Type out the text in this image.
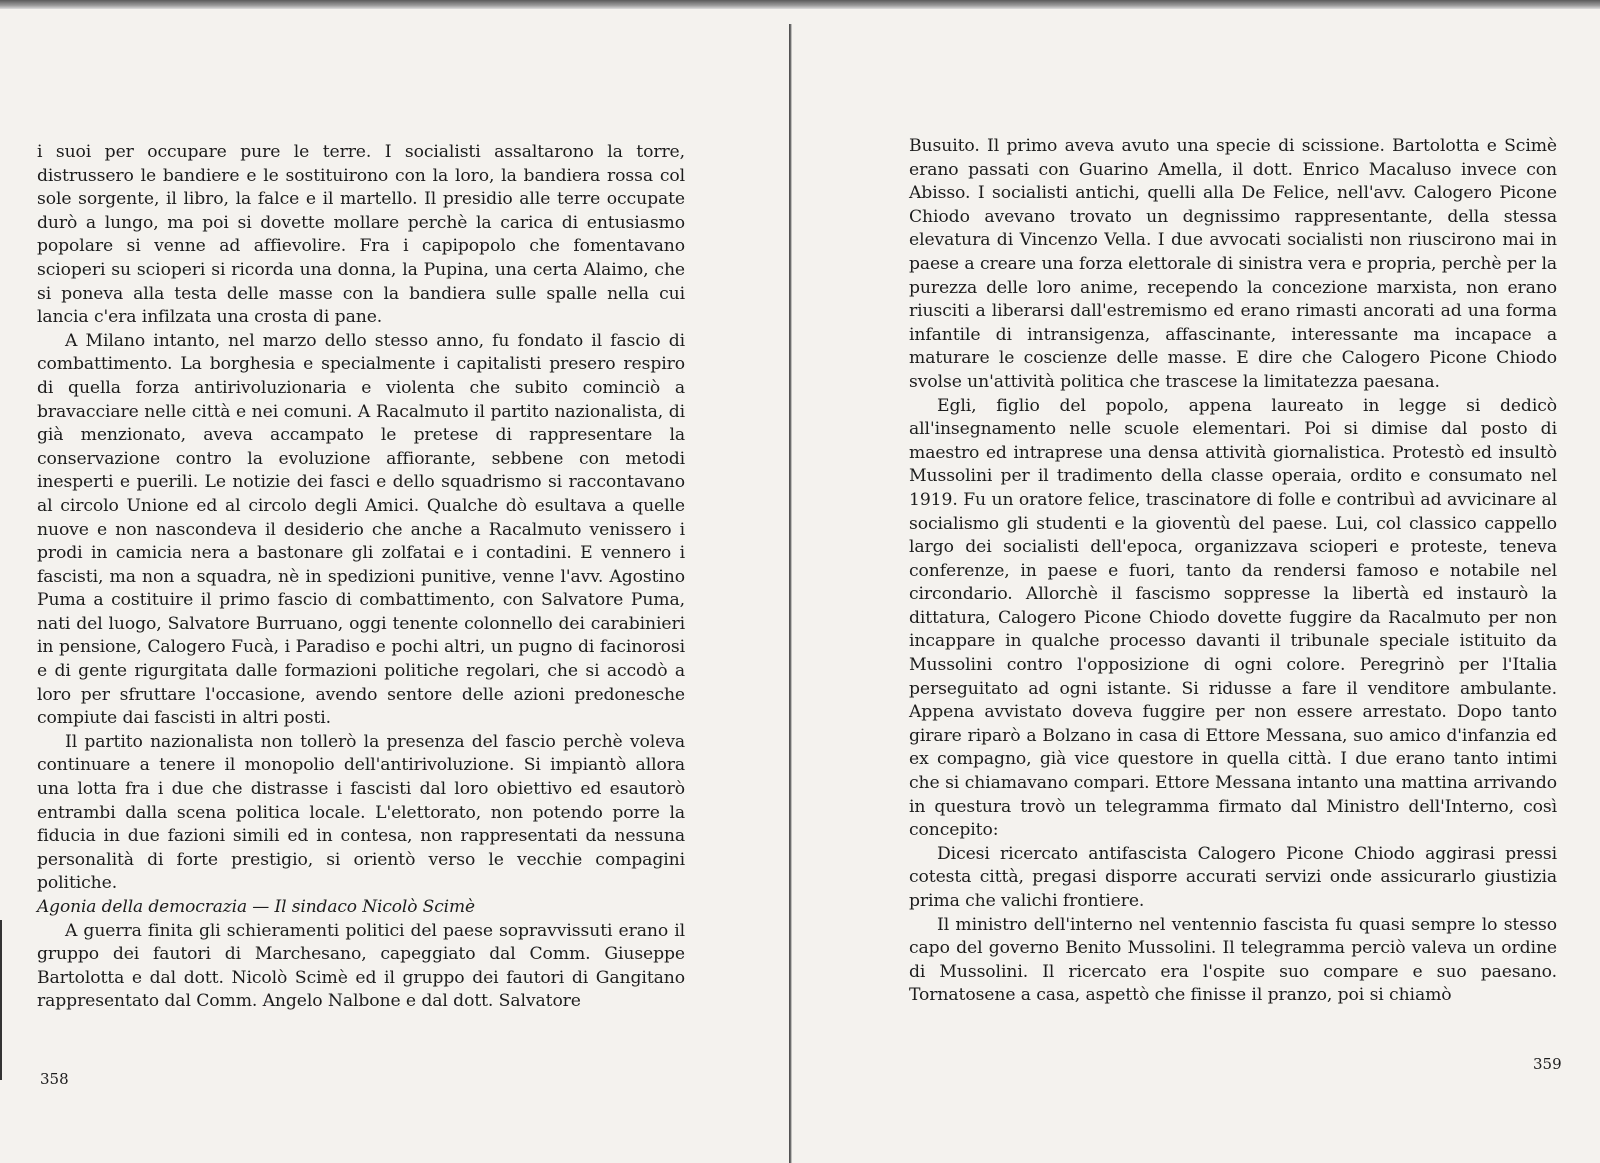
i suoi per occupare pure le terre. I socialisti assaltarono la torre, distrussero le bandiere e le sostituirono con la loro, la bandiera rossa col sole sorgente, il libro, la falce e il martello. Il presidio alle terre occupate durò a lungo, ma poi si dovette mollare perchè la carica di entusiasmo popolare si venne ad affievolire. Fra i capipopolo che fomentavano scioperi su scioperi si ricorda una donna, la Pupina, una certa Alaimo, che si poneva alla testa delle masse con la bandiera sulle spalle nella cui lancia c'era infilzata una crosta di pane.

A Milano intanto, nel marzo dello stesso anno, fu fondato il fascio di combattimento. La borghesia e specialmente i capitalisti presero respiro di quella forza antirivoluzionaria e violenta che subito cominciò a bravacciare nelle città e nei comuni. A Racalmuto il partito nazionalista, di già menzionato, aveva accampato le pretese di rappresentare la conservazione contro la evoluzione affiorante, sebbene con metodi inesperti e puerili. Le notizie dei fasci e dello squadrismo si raccontavano al circolo Unione ed al circolo degli Amici. Qualche dò esultava a quelle nuove e non nascondeva il desiderio che anche a Racalmuto venissero i prodi in camicia nera a bastonare gli zolfatai e i contadini. E vennero i fascisti, ma non a squadra, nè in spedizioni punitive, venne l'avv. Agostino Puma a costituire il primo fascio di combattimento, con Salvatore Puma, nati del luogo, Salvatore Burruano, oggi tenente colonnello dei carabinieri in pensione, Calogero Fucà, i Paradiso e pochi altri, un pugno di facinorosi e di gente rigurgitata dalle formazioni politiche regolari, che si accodò a loro per sfruttare l'occasione, avendo sentore delle azioni predonesche compiute dai fascisti in altri posti.

Il partito nazionalista non tollerò la presenza del fascio perchè voleva continuare a tenere il monopolio dell'antirivoluzione. Si impiantò allora una lotta fra i due che distrasse i fascisti dal loro obiettivo ed esautorò entrambi dalla scena politica locale. L'elettorato, non potendo porre la fiducia in due fazioni simili ed in contesa, non rappresentati da nessuna personalità di forte prestigio, si orientò verso le vecchie compagini politiche.

Agonia della democrazia — Il sindaco Nicolò Scimè

A guerra finita gli schieramenti politici del paese sopravvissuti erano il gruppo dei fautori di Marchesano, capeggiato dal Comm. Giuseppe Bartolotta e dal dott. Nicolò Scimè ed il gruppo dei fautori di Gangitano rappresentato dal Comm. Angelo Nalbone e dal dott. Salvatore

358

Busuito. Il primo aveva avuto una specie di scissione. Bartolotta e Scimè erano passati con Guarino Amella, il dott. Enrico Macaluso invece con Abisso. I socialisti antichi, quelli alla De Felice, nell'avv. Calogero Picone Chiodo avevano trovato un degnissimo rappresentante, della stessa elevatura di Vincenzo Vella. I due avvocati socialisti non riuscirono mai in paese a creare una forza elettorale di sinistra vera e propria, perchè per la purezza delle loro anime, recependo la concezione marxista, non erano riusciti a liberarsi dall'estremismo ed erano rimasti ancorati ad una forma infantile di intransigenza, affascinante, interessante ma incapace a maturare le coscienze delle masse. E dire che Calogero Picone Chiodo svolse un'attività politica che trascese la limitatezza paesana.

Egli, figlio del popolo, appena laureato in legge si dedicò all'insegnamento nelle scuole elementari. Poi si dimise dal posto di maestro ed intraprese una densa attività giornalistica. Protestò ed insultò Mussolini per il tradimento della classe operaia, ordito e consumato nel 1919. Fu un oratore felice, trascinatore di folle e contribuì ad avvicinare al socialismo gli studenti e la gioventù del paese. Lui, col classico cappello largo dei socialisti dell'epoca, organizzava scioperi e proteste, teneva conferenze, in paese e fuori, tanto da rendersi famoso e notabile nel circondario. Allorchè il fascismo soppresse la libertà ed instaurò la dittatura, Calogero Picone Chiodo dovette fuggire da Racalmuto per non incappare in qualche processo davanti il tribunale speciale istituito da Mussolini contro l'opposizione di ogni colore. Peregrinò per l'Italia perseguitato ad ogni istante. Si ridusse a fare il venditore ambulante. Appena avvistato doveva fuggire per non essere arrestato. Dopo tanto girare riparò a Bolzano in casa di Ettore Messana, suo amico d'infanzia ed ex compagno, già vice questore in quella città. I due erano tanto intimi che si chiamavano compari. Ettore Messana intanto una mattina arrivando in questura trovò un telegramma firmato dal Ministro dell'Interno, così concepito:

Dicesi ricercato antifascista Calogero Picone Chiodo aggirasi pressi cotesta città, pregasi disporre accurati servizi onde assicurarlo giustizia prima che valichi frontiere.

Il ministro dell'interno nel ventennio fascista fu quasi sempre lo stesso capo del governo Benito Mussolini. Il telegramma perciò valeva un ordine di Mussolini. Il ricercato era l'ospite suo compare e suo paesano. Tornatosene a casa, aspettò che finisse il pranzo, poi si chiamò

359
